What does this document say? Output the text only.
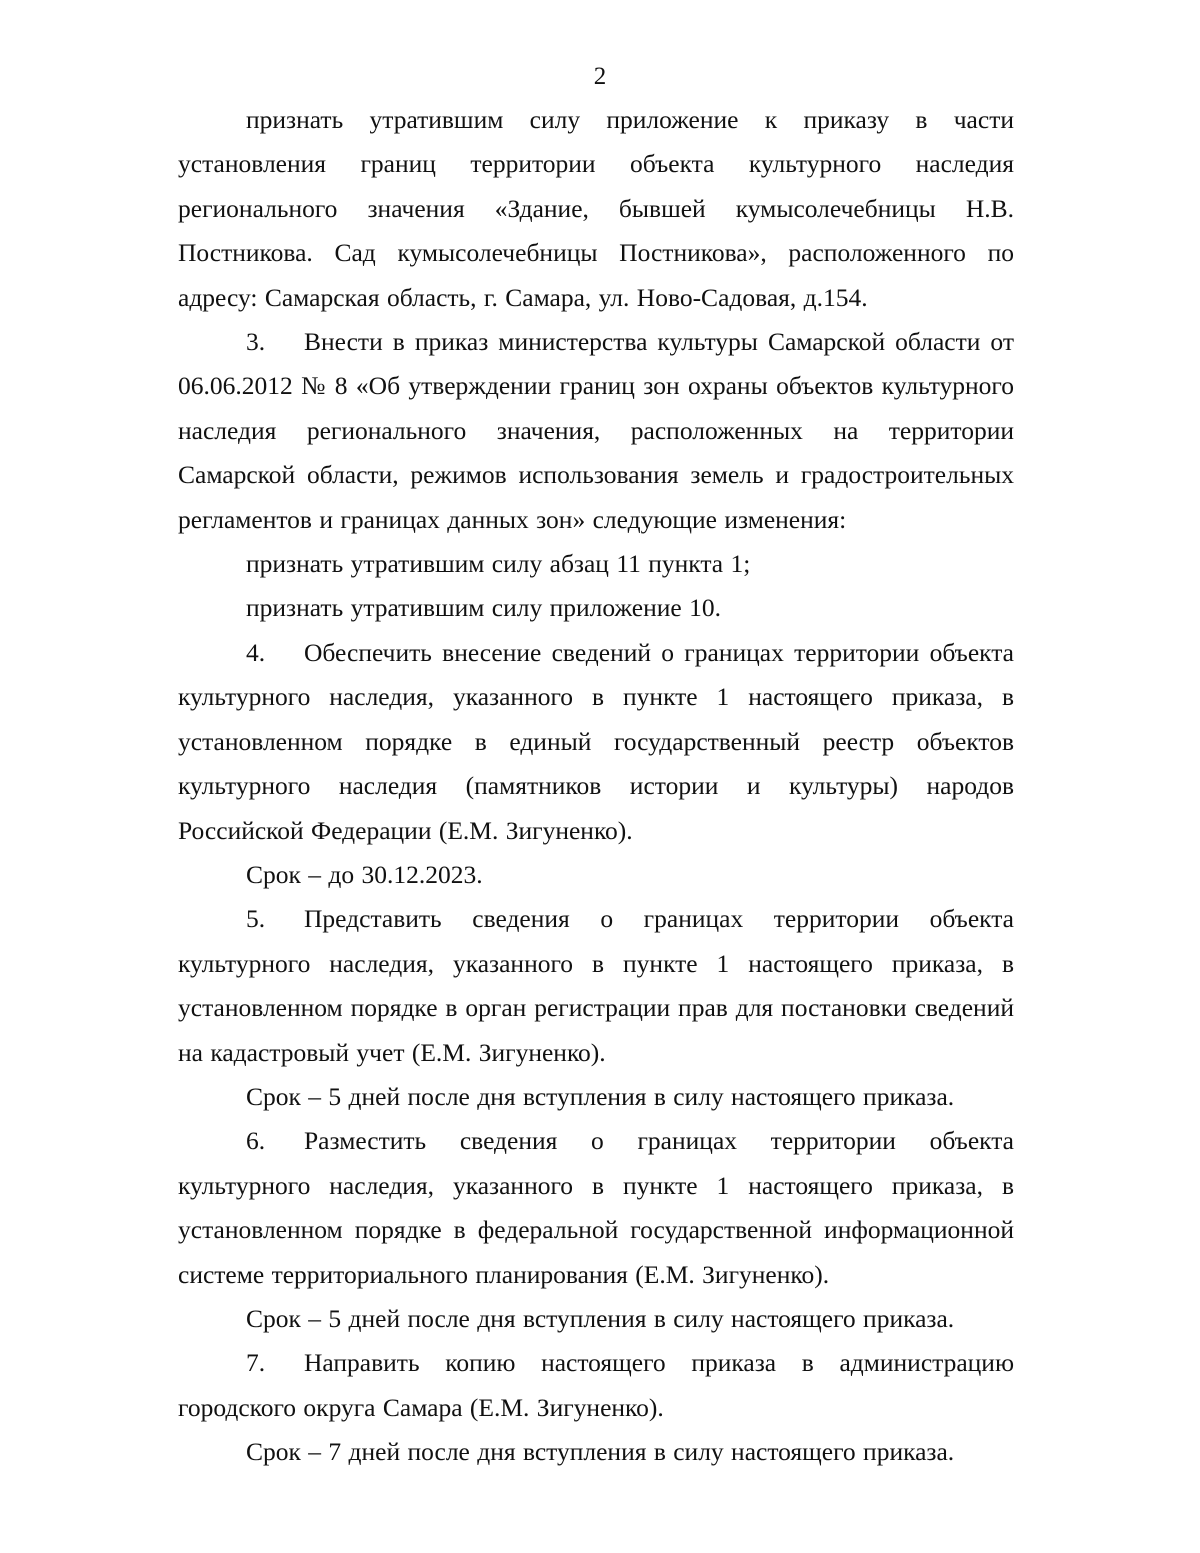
2

признать утратившим силу приложение к приказу в части установления границ территории объекта культурного наследия регионального значения «Здание, бывшей кумысолечебницы Н.В. Постникова. Сад кумысолечебницы Постникова», расположенного по адресу: Самарская область, г. Самара, ул. Ново-Садовая, д.154.

3. Внести в приказ министерства культуры Самарской области от 06.06.2012 № 8 «Об утверждении границ зон охраны объектов культурного наследия регионального значения, расположенных на территории Самарской области, режимов использования земель и градостроительных регламентов и границах данных зон» следующие изменения:

признать утратившим силу абзац 11 пункта 1;

признать утратившим силу приложение 10.

4. Обеспечить внесение сведений о границах территории объекта культурного наследия, указанного в пункте 1 настоящего приказа, в установленном порядке в единый государственный реестр объектов культурного наследия (памятников истории и культуры) народов Российской Федерации (Е.М. Зигуненко).

Срок – до 30.12.2023.

5. Представить сведения о границах территории объекта культурного наследия, указанного в пункте 1 настоящего приказа, в установленном порядке в орган регистрации прав для постановки сведений на кадастровый учет (Е.М. Зигуненко).

Срок – 5 дней после дня вступления в силу настоящего приказа.

6. Разместить сведения о границах территории объекта культурного наследия, указанного в пункте 1 настоящего приказа, в установленном порядке в федеральной государственной информационной системе территориального планирования (Е.М. Зигуненко).

Срок – 5 дней после дня вступления в силу настоящего приказа.

7. Направить копию настоящего приказа в администрацию городского округа Самара (Е.М. Зигуненко).

Срок – 7 дней после дня вступления в силу настоящего приказа.
